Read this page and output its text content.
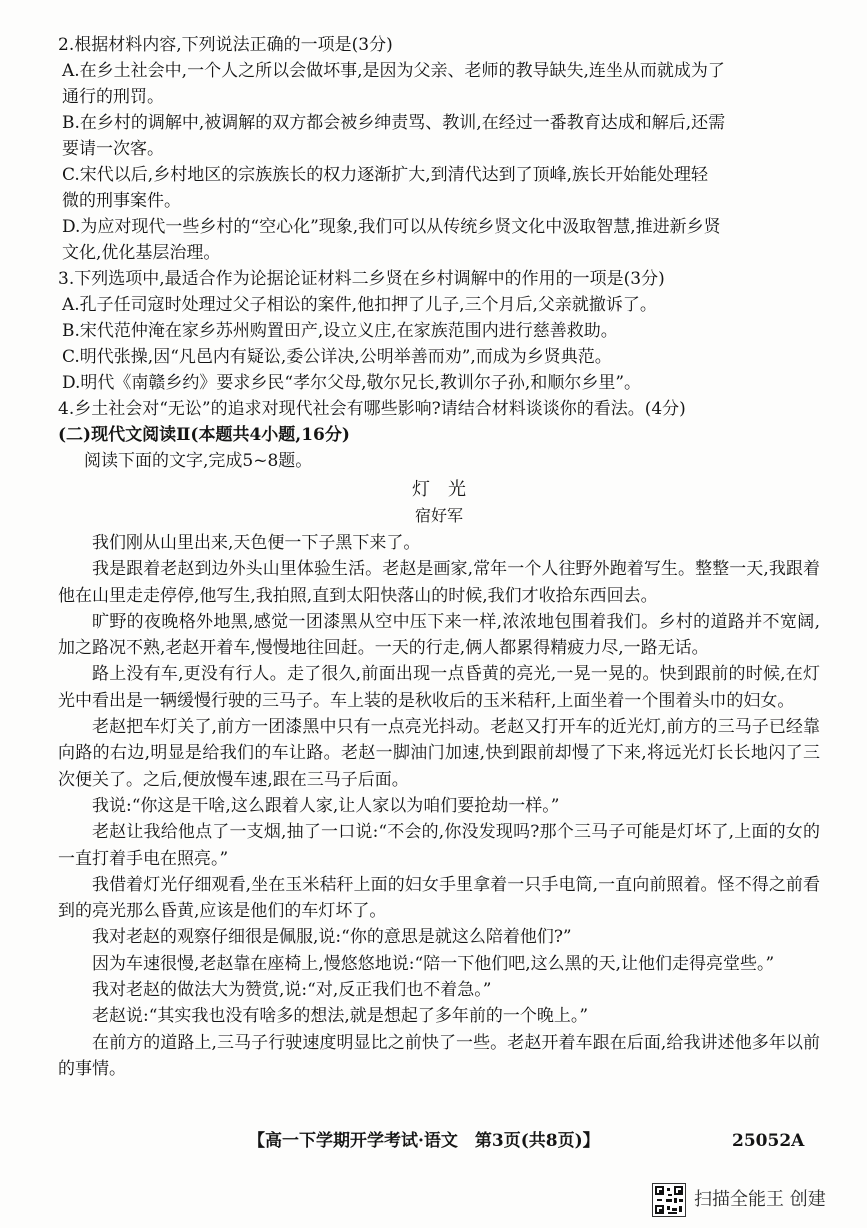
2.根据材料内容,下列说法正确的一项是(3分)

A.在乡土社会中,一个人之所以会做坏事,是因为父亲、老师的教导缺失,连坐从而就成为了
通行的刑罚。

B.在乡村的调解中,被调解的双方都会被乡绅责骂、教训,在经过一番教育达成和解后,还需
要请一次客。

C.宋代以后,乡村地区的宗族族长的权力逐渐扩大,到清代达到了顶峰,族长开始能处理轻
微的刑事案件。

D.为应对现代一些乡村的“空心化”现象,我们可以从传统乡贤文化中汲取智慧,推进新乡贤
文化,优化基层治理。

3.下列选项中,最适合作为论据论证材料二乡贤在乡村调解中的作用的一项是(3分)

A.孔子任司寇时处理过父子相讼的案件,他扣押了儿子,三个月后,父亲就撤诉了。

B.宋代范仲淹在家乡苏州购置田产,设立义庄,在家族范围内进行慈善救助。

C.明代张操,因“凡邑内有疑讼,委公详决,公明举善而劝”,而成为乡贤典范。

D.明代《南赣乡约》要求乡民“孝尔父母,敬尔兄长,教训尔子孙,和顺尔乡里”。

4.乡土社会对“无讼”的追求对现代社会有哪些影响?请结合材料谈谈你的看法。(4分)

(二)现代文阅读Ⅱ(本题共4小题,16分)

阅读下面的文字,完成5~8题。

灯光

宿好军

我们刚从山里出来,天色便一下子黑下来了。

我是跟着老赵到边外头山里体验生活。老赵是画家,常年一个人往野外跑着写生。整整一天,我跟着他在山里走走停停,他写生,我拍照,直到太阳快落山的时候,我们才收拾东西回去。

旷野的夜晚格外地黑,感觉一团漆黑从空中压下来一样,浓浓地包围着我们。乡村的道路并不宽阔,加之路况不熟,老赵开着车,慢慢地往回赶。一天的行走,俩人都累得精疲力尽,一路无话。

路上没有车,更没有行人。走了很久,前面出现一点昏黄的亮光,一晃一晃的。快到跟前的时候,在灯光中看出是一辆缓慢行驶的三马子。车上装的是秋收后的玉米秸秆,上面坐着一个围着头巾的妇女。

老赵把车灯关了,前方一团漆黑中只有一点亮光抖动。老赵又打开车的近光灯,前方的三马子已经靠向路的右边,明显是给我们的车让路。老赵一脚油门加速,快到跟前却慢了下来,将远光灯长长地闪了三次便关了。之后,便放慢车速,跟在三马子后面。

我说:“你这是干啥,这么跟着人家,让人家以为咱们要抢劫一样。”

老赵让我给他点了一支烟,抽了一口说:“不会的,你没发现吗?那个三马子可能是灯坏了,上面的女的一直打着手电在照亮。”

我借着灯光仔细观看,坐在玉米秸秆上面的妇女手里拿着一只手电筒,一直向前照着。怪不得之前看到的亮光那么昏黄,应该是他们的车灯坏了。

我对老赵的观察仔细很是佩服,说:“你的意思是就这么陪着他们?”

因为车速很慢,老赵靠在座椅上,慢悠悠地说:“陪一下他们吧,这么黑的天,让他们走得亮堂些。”

我对老赵的做法大为赞赏,说:“对,反正我们也不着急。”

老赵说:“其实我也没有啥多的想法,就是想起了多年前的一个晚上。”

在前方的道路上,三马子行驶速度明显比之前快了一些。老赵开着车跟在后面,给我讲述他多年以前的事情。

【高一下学期开学考试·语文　第3页(共8页)】	25052A
扫描全能王 创建
